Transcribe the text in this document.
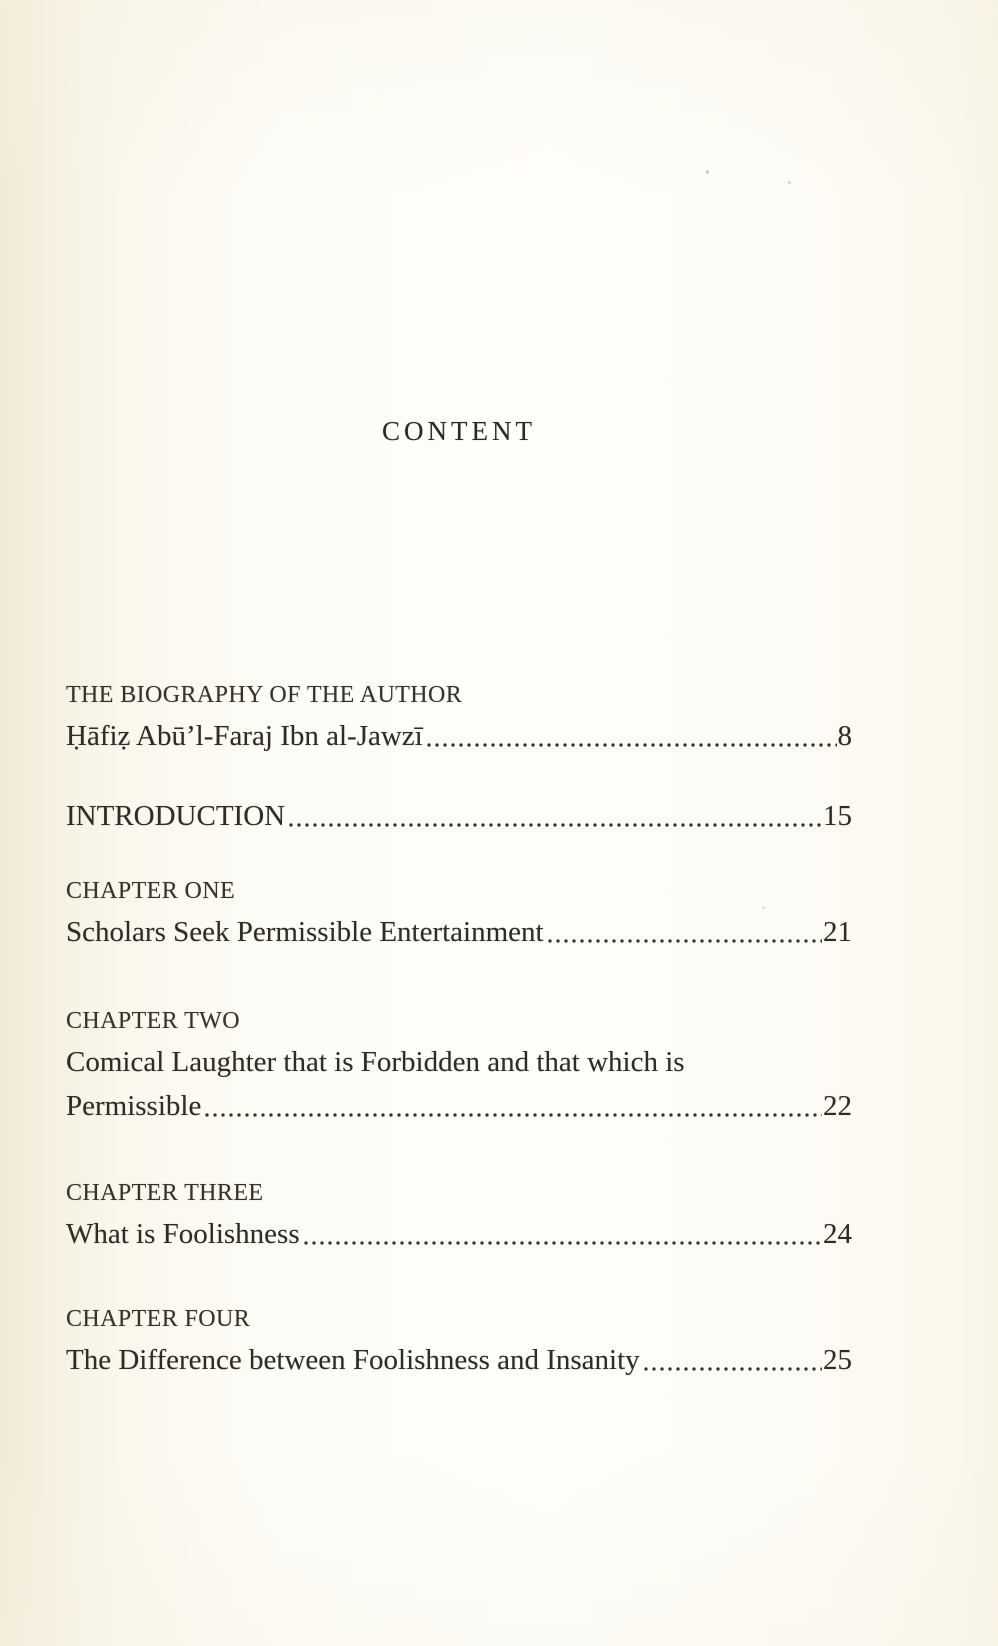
CONTENT
THE BIOGRAPHY OF THE AUTHOR
Ḥāfiẓ Abū’l-Faraj Ibn al-Jawzī	8
INTRODUCTION	15
CHAPTER ONE
Scholars Seek Permissible Entertainment	21
CHAPTER TWO
Comical Laughter that is Forbidden and that which is
Permissible	22
CHAPTER THREE
What is Foolishness	24
CHAPTER FOUR
The Difference between Foolishness and Insanity	25
